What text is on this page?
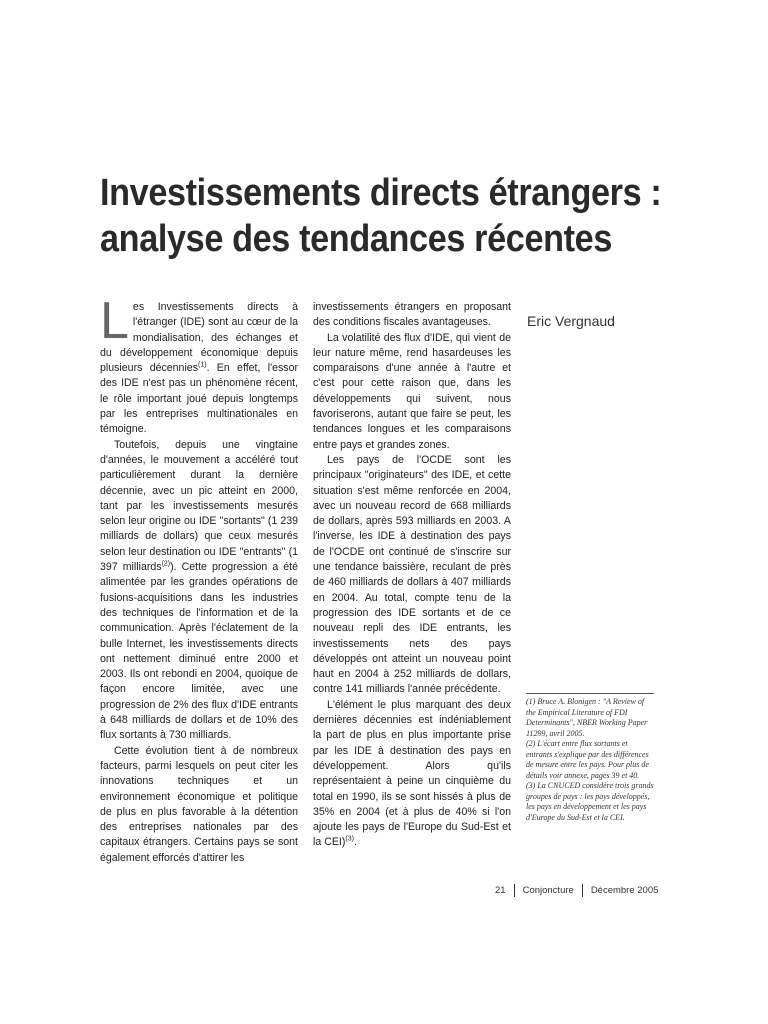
Investissements directs étrangers :
analyse des tendances récentes

Les Investissements directs à l'étranger (IDE) sont au cœur de la mondialisation, des échanges et du développement économique depuis plusieurs décennies$^{(1)}$. En effet, l'essor des IDE n'est pas un phénomène récent, le rôle important joué depuis longtemps par les entreprises multinationales en témoigne.

Toutefois, depuis une vingtaine d'années, le mouvement a accéléré tout particulièrement durant la dernière décennie, avec un pic atteint en 2000, tant par les investissements mesurés selon leur origine ou IDE "sortants" (1 239 milliards de dollars) que ceux mesurés selon leur destination ou IDE "entrants" (1 397 milliards$^{(2)}$). Cette progression a été alimentée par les grandes opérations de fusions-acquisitions dans les industries des techniques de l'information et de la communication. Après l'éclatement de la bulle Internet, les investissements directs ont nettement diminué entre 2000 et 2003. Ils ont rebondi en 2004, quoique de façon encore limitée, avec une progression de 2% des flux d'IDE entrants à 648 milliards de dollars et de 10% des flux sortants à 730 milliards.

Cette évolution tient à de nombreux facteurs, parmi lesquels on peut citer les innovations techniques et un environnement économique et politique de plus en plus favorable à la détention des entreprises nationales par des capitaux étrangers. Certains pays se sont également efforcés d'attirer les

investissements étrangers en proposant des conditions fiscales avantageuses.

La volatilité des flux d'IDE, qui vient de leur nature même, rend hasardeuses les comparaisons d'une année à l'autre et c'est pour cette raison que, dans les développements qui suivent, nous favoriserons, autant que faire se peut, les tendances longues et les comparaisons entre pays et grandes zones.

Les pays de l'OCDE sont les principaux "originateurs" des IDE, et cette situation s'est même renforcée en 2004, avec un nouveau record de 668 milliards de dollars, après 593 milliards en 2003. A l'inverse, les IDE à destination des pays de l'OCDE ont continué de s'inscrire sur une tendance baissière, reculant de près de 460 milliards de dollars à 407 milliards en 2004. Au total, compte tenu de la progression des IDE sortants et de ce nouveau repli des IDE entrants, les investissements nets des pays développés ont atteint un nouveau point haut en 2004 à 252 milliards de dollars, contre 141 milliards l'année précédente.

L'élément le plus marquant des deux dernières décennies est indéniablement la part de plus en plus importante prise par les IDE à destination des pays en développement. Alors qu'ils représentaient à peine un cinquième du total en 1990, ils se sont hissés à plus de 35% en 2004 (et à plus de 40% si l'on ajoute les pays de l'Europe du Sud-Est et la CEI)$^{(3)}$.

Eric Vergnaud

(1) Bruce A. Blonigen : "A Review of the Empirical Literature of FDI Determinants", NBER Working Paper 11299, avril 2005.

(2) L'écart entre flux sortants et entrants s'explique par des différences de mesure entre les pays. Pour plus de détails voir annexe, pages 39 et 40.

(3) La CNUCED considère trois grands groupes de pays : les pays développés, les pays en développement et les pays d'Europe du Sud-Est et la CEI.

21 Conjoncture Décembre 2005
